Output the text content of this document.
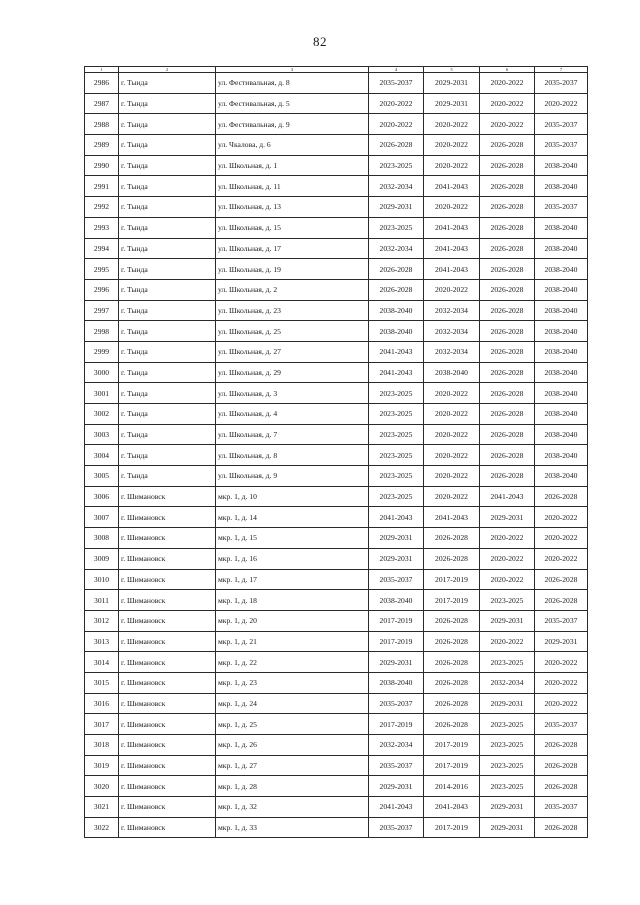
82
1	2	3	4	5	6	7
2986	г. Тында	ул. Фестивальная, д. 8	2035-2037	2029-2031	2020-2022	2035-2037
2987	г. Тында	ул. Фестивальная, д. 5	2020-2022	2029-2031	2020-2022	2020-2022
2988	г. Тында	ул. Фестивальная, д. 9	2020-2022	2020-2022	2020-2022	2035-2037
2989	г. Тында	ул. Чкалова, д. 6	2026-2028	2020-2022	2026-2028	2035-2037
2990	г. Тында	ул. Школьная, д. 1	2023-2025	2020-2022	2026-2028	2038-2040
2991	г. Тында	ул. Школьная, д. 11	2032-2034	2041-2043	2026-2028	2038-2040
2992	г. Тында	ул. Школьная, д. 13	2029-2031	2020-2022	2026-2028	2035-2037
2993	г. Тында	ул. Школьная, д. 15	2023-2025	2041-2043	2026-2028	2038-2040
2994	г. Тында	ул. Школьная, д. 17	2032-2034	2041-2043	2026-2028	2038-2040
2995	г. Тында	ул. Школьная, д. 19	2026-2028	2041-2043	2026-2028	2038-2040
2996	г. Тында	ул. Школьная, д. 2	2026-2028	2020-2022	2026-2028	2038-2040
2997	г. Тында	ул. Школьная, д. 23	2038-2040	2032-2034	2026-2028	2038-2040
2998	г. Тында	ул. Школьная, д. 25	2038-2040	2032-2034	2026-2028	2038-2040
2999	г. Тында	ул. Школьная, д. 27	2041-2043	2032-2034	2026-2028	2038-2040
3000	г. Тында	ул. Школьная, д. 29	2041-2043	2038-2040	2026-2028	2038-2040
3001	г. Тында	ул. Школьная, д. 3	2023-2025	2020-2022	2026-2028	2038-2040
3002	г. Тында	ул. Школьная, д. 4	2023-2025	2020-2022	2026-2028	2038-2040
3003	г. Тында	ул. Школьная, д. 7	2023-2025	2020-2022	2026-2028	2038-2040
3004	г. Тында	ул. Школьная, д. 8	2023-2025	2020-2022	2026-2028	2038-2040
3005	г. Тында	ул. Школьная, д. 9	2023-2025	2020-2022	2026-2028	2038-2040
3006	г. Шимановск	мкр. 1, д. 10	2023-2025	2020-2022	2041-2043	2026-2028
3007	г. Шимановск	мкр. 1, д. 14	2041-2043	2041-2043	2029-2031	2020-2022
3008	г. Шимановск	мкр. 1, д. 15	2029-2031	2026-2028	2020-2022	2020-2022
3009	г. Шимановск	мкр. 1, д. 16	2029-2031	2026-2028	2020-2022	2020-2022
3010	г. Шимановск	мкр. 1, д. 17	2035-2037	2017-2019	2020-2022	2026-2028
3011	г. Шимановск	мкр. 1, д. 18	2038-2040	2017-2019	2023-2025	2026-2028
3012	г. Шимановск	мкр. 1, д. 20	2017-2019	2026-2028	2029-2031	2035-2037
3013	г. Шимановск	мкр. 1, д. 21	2017-2019	2026-2028	2020-2022	2029-2031
3014	г. Шимановск	мкр. 1, д. 22	2029-2031	2026-2028	2023-2025	2020-2022
3015	г. Шимановск	мкр. 1, д. 23	2038-2040	2026-2028	2032-2034	2020-2022
3016	г. Шимановск	мкр. 1, д. 24	2035-2037	2026-2028	2029-2031	2020-2022
3017	г. Шимановск	мкр. 1, д. 25	2017-2019	2026-2028	2023-2025	2035-2037
3018	г. Шимановск	мкр. 1, д. 26	2032-2034	2017-2019	2023-2025	2026-2028
3019	г. Шимановск	мкр. 1, д. 27	2035-2037	2017-2019	2023-2025	2026-2028
3020	г. Шимановск	мкр. 1, д. 28	2029-2031	2014-2016	2023-2025	2026-2028
3021	г. Шимановск	мкр. 1, д. 32	2041-2043	2041-2043	2029-2031	2035-2037
3022	г. Шимановск	мкр. 1, д. 33	2035-2037	2017-2019	2029-2031	2026-2028
